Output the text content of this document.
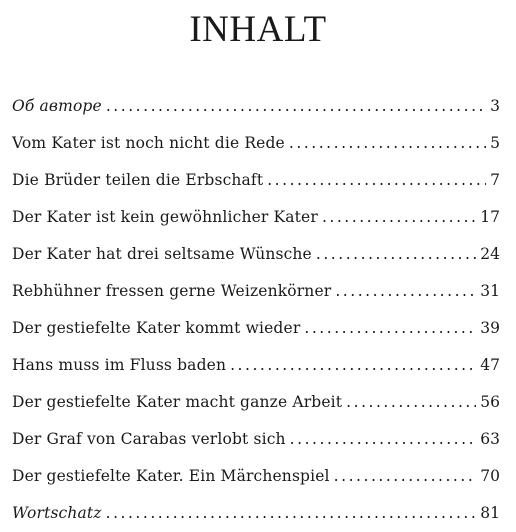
INHALT
Об авторе . . .	3
Vom Kater ist noch nicht die Rede . . .	5
Die Brüder teilen die Erbschaft . . .	7
Der Kater ist kein gewöhnlicher Kater . . .	17
Der Kater hat drei seltsame Wünsche . . .	24
Rebhühner fressen gerne Weizenkörner . . .	31
Der gestiefelte Kater kommt wieder . . .	39
Hans muss im Fluss baden . . .	47
Der gestiefelte Kater macht ganze Arbeit . . .	56
Der Graf von Carabas verlobt sich . . .	63
Der gestiefelte Kater. Ein Märchenspiel . . .	70
Wortschatz . . .	81
